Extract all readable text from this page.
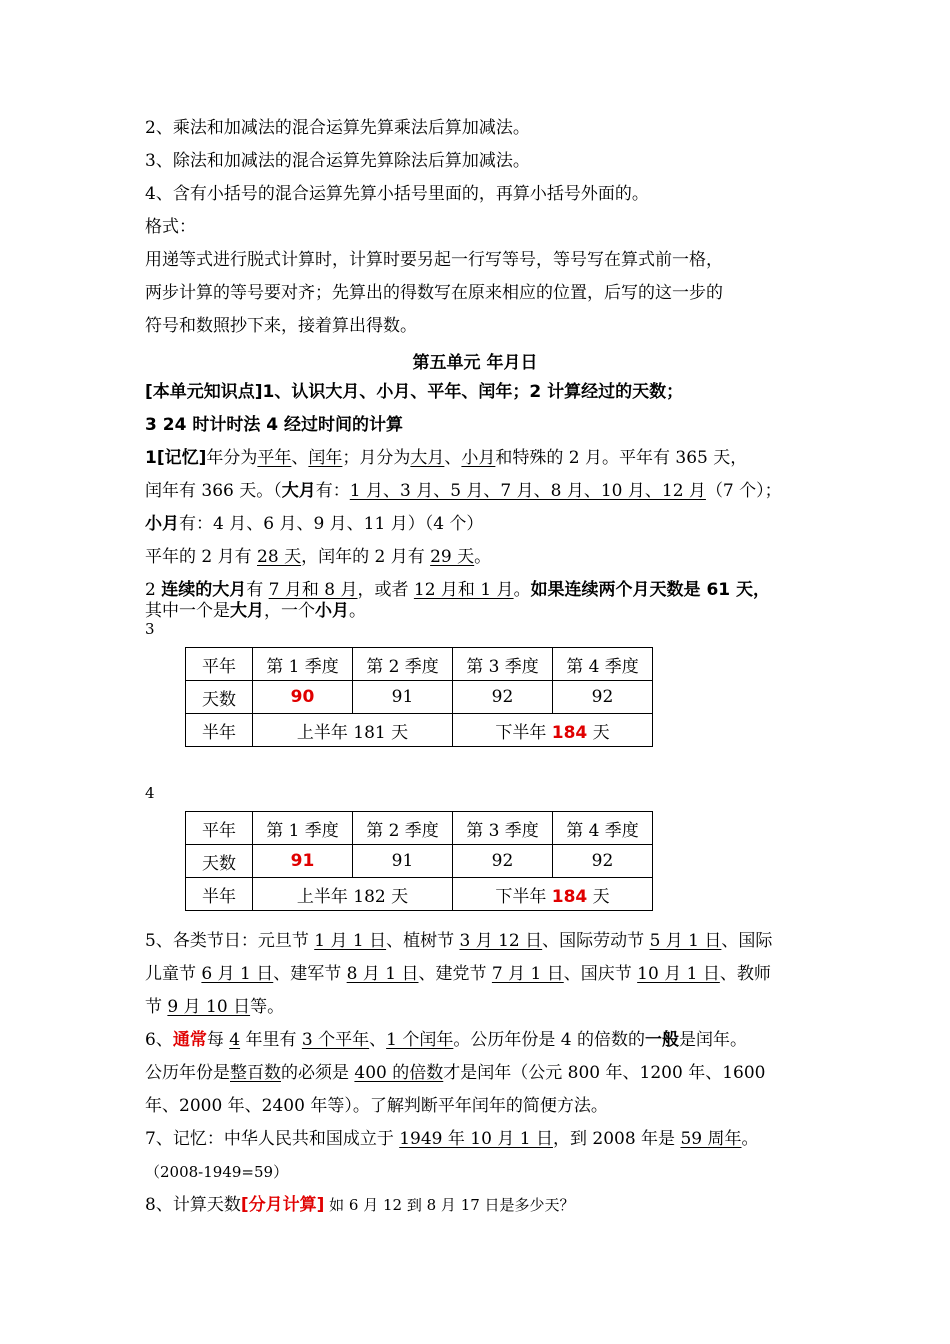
2、乘法和加减法的混合运算先算乘法后算加减法。
3、除法和加减法的混合运算先算除法后算加减法。
4、含有小括号的混合运算先算小括号里面的，再算小括号外面的。
格式：
用递等式进行脱式计算时，计算时要另起一行写等号，等号写在算式前一格，
两步计算的等号要对齐；先算出的得数写在原来相应的位置，后写的这一步的
符号和数照抄下来，接着算出得数。
第五单元 年月日
[本单元知识点]1、认识大月、小月、平年、闰年；2 计算经过的天数；
3 24 时计时法 4 经过时间的计算
1[记忆]年分为平年、闰年；月分为大月、小月和特殊的 2 月。平年有 365 天，
闰年有 366 天。（大月有：1 月、3 月、5 月、7 月、8 月、10 月、12 月（7 个）；
小月有：4 月、6 月、9 月、11 月）（4 个）
平年的 2 月有 28 天，闰年的 2 月有 29 天。
2 连续的大月有 7 月和 8 月，或者 12 月和 1 月。如果连续两个月天数是 61 天，
其中一个是大月，一个小月。
3
平年	第 1 季度	第 2 季度	第 3 季度	第 4 季度
天数	90	91	92	92
半年	上半年 181 天		下半年 184 天	
4
平年	第 1 季度	第 2 季度	第 3 季度	第 4 季度
天数	91	91	92	92
半年	上半年 182 天		下半年 184 天	
5、各类节日：元旦节 1 月 1 日、植树节 3 月 12 日、国际劳动节 5 月 1 日、国际
儿童节 6 月 1 日、建军节 8 月 1 日、建党节 7 月 1 日、国庆节 10 月 1 日、教师
节 9 月 10 日等。
6、通常每 4 年里有 3 个平年、1 个闰年。公历年份是 4 的倍数的一般是闰年。
公历年份是整百数的必须是 400 的倍数才是闰年（公元 800 年、1200 年、1600
年、2000 年、2400 年等）。了解判断平年闰年的简便方法。
7、记忆：中华人民共和国成立于 1949 年 10 月 1 日，到 2008 年是 59 周年。
（2008-1949=59）
8、计算天数[分月计算] 如 6 月 12 到 8 月 17 日是多少天？
